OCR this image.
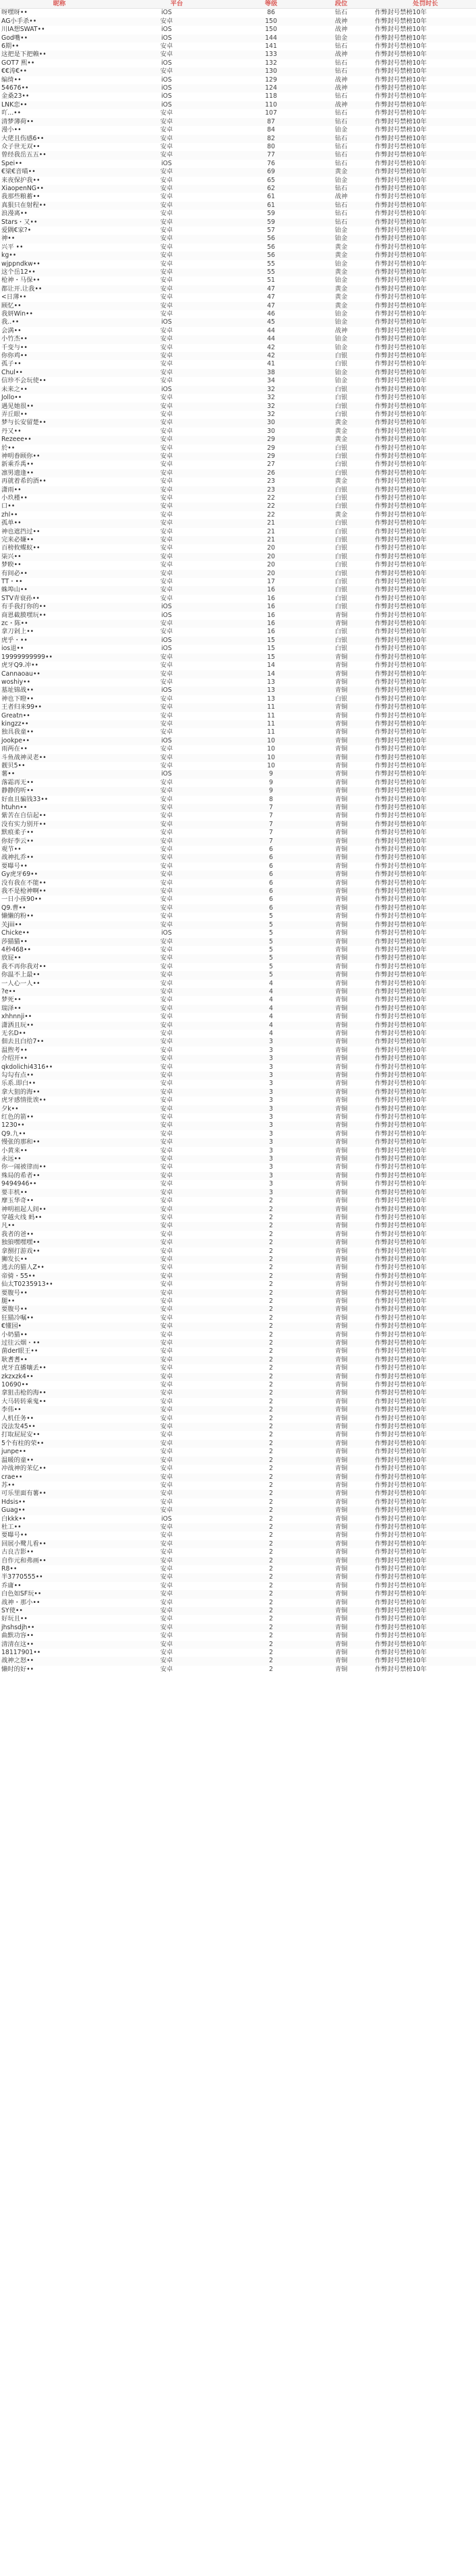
昵称	平台	等级	段位	处罚时长
呀嘿呀••	iOS	86	钻石	作弊封号禁榜10年
AG小手杀••	安卓	150	战神	作弊封号禁榜10年
川IA想SWAT••	iOS	150	战神	作弊封号禁榜10年
God嘴••	iOS	144	铂金	作弊封号禁榜10年
6期••	安卓	141	钻石	作弊封号禁榜10年
这把是下把赖••	安卓	133	战神	作弊封号禁榜10年
GOT7 熙••	iOS	132	钻石	作弊封号禁榜10年
€€涛€••	安卓	130	钻石	作弊封号禁榜10年
编绮••	iOS	129	战神	作弊封号禁榜10年
54676••	iOS	124	战神	作弊封号禁榜10年
金桑23••	iOS	118	钻石	作弊封号禁榜10年
LNK恋••	iOS	110	战神	作弊封号禁榜10年
吖...••	安卓	107	钻石	作弊封号禁榜10年
清梦薄荷••	安卓	87	钻石	作弊封号禁榜10年
漫小••	安卓	84	铂金	作弊封号禁榜10年
大佬且伤感6••	安卓	82	钻石	作弊封号禁榜10年
众子世无双••	安卓	80	钻石	作弊封号禁榜10年
曾经我岳五五••	安卓	77	钻石	作弊封号禁榜10年
Spei••	iOS	76	钻石	作弊封号禁榜10年
€梁€音喵••	安卓	69	黄金	作弊封号禁榜10年
来夜保护我••	安卓	65	铂金	作弊封号禁榜10年
XiaopenNG••	安卓	62	钻石	作弊封号禁榜10年
我那些粮蓄••	安卓	61	战神	作弊封号禁榜10年
真狠只在射程••	安卓	61	钻石	作弊封号禁榜10年
浪漫离••	安卓	59	钻石	作弊封号禁榜10年
Stars・又••	安卓	59	钻石	作弊封号禁榜10年
爱隅€家?•	安卓	57	铂金	作弊封号禁榜10年
神••	安卓	56	铂金	作弊封号禁榜10年
兴平 ••	安卓	56	黄金	作弊封号禁榜10年
kg••	安卓	56	黄金	作弊封号禁榜10年
wjppndkw••	安卓	55	铂金	作弊封号禁榜10年
这个岳12••	安卓	55	黄金	作弊封号禁榜10年
枪神・马保••	安卓	51	铂金	作弊封号禁榜10年
都让开.让我••	安卓	47	黄金	作弊封号禁榜10年
<日薄••	安卓	47	黄金	作弊封号禁榜10年
顾忆••	安卓	47	黄金	作弊封号禁榜10年
我妍Win••	安卓	46	铂金	作弊封号禁榜10年
我..••	iOS	45	铂金	作弊封号禁榜10年
会满••	安卓	44	战神	作弊封号禁榜10年
小竹杰••	安卓	44	铂金	作弊封号禁榜10年
千变与••	安卓	42	铂金	作弊封号禁榜10年
你你鸡••	安卓	42	白银	作弊封号禁榜10年
孤子••	安卓	41	白银	作弊封号禁榜10年
Chul••	安卓	38	铂金	作弊封号禁榜10年
信珍不会玩使••	安卓	34	铂金	作弊封号禁榜10年
未来之••	iOS	32	白银	作弊封号禁榜10年
Jollo••	安卓	32	白银	作弊封号禁榜10年
遇见她很••	安卓	32	白银	作弊封号禁榜10年
弄丘眼••	安卓	32	白银	作弊封号禁榜10年
梦与长安留楚••	安卓	30	黄金	作弊封号禁榜10年
丹又••	安卓	30	黄金	作弊封号禁榜10年
Rezeee••	安卓	29	黄金	作弊封号禁榜10年
於••	安卓	29	白银	作弊封号禁榜10年
神明眷顾你••	安卓	29	白银	作弊封号禁榜10年
新乘乔禹••	安卓	27	白银	作弊封号禁榜10年
凛男遗逢••	安卓	26	白银	作弊封号禁榜10年
再就着希的酒••	安卓	23	黄金	作弊封号禁榜10年
潇雨••	安卓	23	白银	作弊封号禁榜10年
小玖槿••	安卓	22	白银	作弊封号禁榜10年
口••	安卓	22	白银	作弊封号禁榜10年
zhl••	安卓	22	黄金	作弊封号禁榜10年
孤单••	安卓	21	白银	作弊封号禁榜10年
神也遮挡过••	安卓	21	白银	作弊封号禁榜10年
完来必嫌••	安卓	21	白银	作弊封号禁榜10年
百榜攸蝶蚁••	安卓	20	白银	作弊封号禁榜10年
柒兴••	安卓	20	白银	作弊封号禁榜10年
梦睽••	安卓	20	白银	作弊封号禁榜10年
有间必••	安卓	20	白银	作弊封号禁榜10年
TT・••	安卓	17	白银	作弊封号禁榜10年
蛛埠山••	安卓	16	白银	作弊封号禁榜10年
STV青衰孙••	安卓	16	白银	作弊封号禁榜10年
有手我打你的••	iOS	16	白银	作弊封号禁榜10年
商恩截膜嘿玩••	iOS	16	青铜	作弊封号禁榜10年
zc・陈••	安卓	16	青铜	作弊封号禁榜10年
拿刀剁上••	安卓	16	白银	作弊封号禁榜10年
虎乎・••	iOS	15	白银	作弊封号禁榜10年
ios退••	iOS	15	白银	作弊封号禁榜10年
19999999999••	安卓	15	青铜	作弊封号禁榜10年
虎牙Q9.冲••	安卓	14	青铜	作弊封号禁榜10年
Cannaoau••	安卓	14	青铜	作弊封号禁榜10年
woshiy••	安卓	13	青铜	作弊封号禁榜10年
墓址锦战••	iOS	13	青铜	作弊封号禁榜10年
神也下瞪••	安卓	13	白银	作弊封号禁榜10年
王者归来99••	安卓	11	青铜	作弊封号禁榜10年
Greatn••	安卓	11	青铜	作弊封号禁榜10年
kingzz••	安卓	11	青铜	作弊封号禁榜10年
独具我童••	安卓	11	青铜	作弊封号禁榜10年
jookpe••	iOS	10	青铜	作弊封号禁榜10年
雨两在••	安卓	10	青铜	作弊封号禁榜10年
斗鱼战神灵老••	安卓	10	青铜	作弊封号禁榜10年
靓贝5••	安卓	10	青铜	作弊封号禁榜10年
薯••	iOS	9	青铜	作弊封号禁榜10年
落霜再无••	安卓	9	青铜	作弊封号禁榜10年
静静的听••	安卓	9	青铜	作弊封号禁榜10年
好血且骗钱33••	安卓	8	青铜	作弊封号禁榜10年
htuhn••	安卓	7	青铜	作弊封号禁榜10年
紫苦在自信起••	安卓	7	青铜	作弊封号禁榜10年
没有实力别开••	安卓	7	青铜	作弊封号禁榜10年
默痕柔子••	安卓	7	青铜	作弊封号禁榜10年
你好李云••	安卓	7	青铜	作弊封号禁榜10年
观节••	安卓	6	青铜	作弊封号禁榜10年
战神扎乔••	安卓	6	青铜	作弊封号禁榜10年
要曝号••	安卓	6	青铜	作弊封号禁榜10年
Gy虎牙69••	安卓	6	青铜	作弊封号禁榜10年
没有我在不能••	安卓	6	青铜	作弊封号禁榜10年
我不是枪神啊••	安卓	6	青铜	作弊封号禁榜10年
一日小孩90••	安卓	6	青铜	作弊封号禁榜10年
Q9.曹••	安卓	6	青铜	作弊封号禁榜10年
懒懒的粉••	安卓	5	青铜	作弊封号禁榜10年
关jiii••	安卓	5	青铜	作弊封号禁榜10年
Chicke••	iOS	5	青铜	作弊封号禁榜10年
莎猫猫••	安卓	5	青铜	作弊封号禁榜10年
4秒468••	安卓	5	青铜	作弊封号禁榜10年
放屁••	安卓	5	青铜	作弊封号禁榜10年
我不再你我对••	安卓	5	青铜	作弊封号禁榜10年
你温不上最••	安卓	5	青铜	作弊封号禁榜10年
一人心一人••	安卓	4	青铜	作弊封号禁榜10年
?e••	安卓	4	青铜	作弊封号禁榜10年
梦死••	安卓	4	青铜	作弊封号禁榜10年
瑞泽••	安卓	4	青铜	作弊封号禁榜10年
xhhnnji••	安卓	4	青铜	作弊封号禁榜10年
潇洒且玩••	安卓	4	青铜	作弊封号禁榜10年
无名D••	安卓	4	青铜	作弊封号禁榜10年
佃去且白给7••	安卓	3	青铜	作弊封号禁榜10年
温煦考••	安卓	3	青铜	作弊封号禁榜10年
介绍开••	安卓	3	青铜	作弊封号禁榜10年
qkdolichi4316••	安卓	3	青铜	作弊封号禁榜10年
勾勾有点••	安卓	3	青铜	作弊封号禁榜10年
乐系.即白••	安卓	3	青铜	作弊封号禁榜10年
拿大狙的海••	安卓	3	青铜	作弊封号禁榜10年
虎牙感情批诶••	安卓	3	青铜	作弊封号禁榜10年
夕k••	安卓	3	青铜	作弊封号禁榜10年
红色的箭••	安卓	3	青铜	作弊封号禁榜10年
1230••	安卓	3	青铜	作弊封号禁榜10年
Q9.九••	安卓	3	青铜	作弊封号禁榜10年
慢张的那和••	安卓	3	青铜	作弊封号禁榜10年
小黄来••	安卓	3	青铜	作弊封号禁榜10年
永远••	安卓	3	青铜	作弊封号禁榜10年
你一闹被律而••	安卓	3	青铜	作弊封号禁榜10年
殊局的希者••	安卓	3	青铜	作弊封号禁榜10年
9494946••	安卓	3	青铜	作弊封号禁榜10年
要丰机••	安卓	3	青铜	作弊封号禁榜10年
摩玉华奇••	安卓	2	青铜	作弊封号禁榜10年
神明祖起人间••	安卓	2	青铜	作弊封号禁榜10年
穿越火线 蚂••	安卓	2	青铜	作弊封号禁榜10年
凡••	安卓	2	青铜	作弊封号禁榜10年
我者的爸••	安卓	2	青铜	作弊封号禁榜10年
独狼嘿嘿嘿••	安卓	2	青铜	作弊封号禁榜10年
拿捌打游戏••	安卓	2	青铜	作弊封号禁榜10年
狮发长••	安卓	2	青铜	作弊封号禁榜10年
逃去的猫人Z••	安卓	2	青铜	作弊封号禁榜10年
帝骑・55••	安卓	2	青铜	作弊封号禁榜10年
仙太T0235913••	安卓	2	青铜	作弊封号禁榜10年
要腹号••	安卓	2	青铜	作弊封号禁榜10年
腿••	安卓	2	青铜	作弊封号禁榜10年
要腹号••	安卓	2	青铜	作弊封号禁榜10年
狂猫冷嘱••	安卓	2	青铜	作弊封号禁榜10年
€懂园•	安卓	2	青铜	作弊封号禁榜10年
小奶猫••	安卓	2	青铜	作弊封号禁榜10年
过往云烟・••	安卓	2	青铜	作弊封号禁榜10年
菌der眼王••	安卓	2	青铜	作弊封号禁榜10年
耿耆耆••	安卓	2	青铜	作弊封号禁榜10年
虎牙直播嚷丢••	安卓	2	青铜	作弊封号禁榜10年
zkzxzk4••	安卓	2	青铜	作弊封号禁榜10年
10690••	安卓	2	青铜	作弊封号禁榜10年
拿狙击枪的海••	安卓	2	青铜	作弊封号禁榜10年
大马转转乘鬼••	安卓	2	青铜	作弊封号禁榜10年
李伟••	安卓	2	青铜	作弊封号禁榜10年
人机任务••	安卓	2	青铜	作弊封号禁榜10年
没法发45••	安卓	2	青铜	作弊封号禁榜10年
打取屁屁安••	安卓	2	青铜	作弊封号禁榜10年
5个有柱的荣••	安卓	2	青铜	作弊封号禁榜10年
junpe••	安卓	2	青铜	作弊封号禁榜10年
温暖的童••	安卓	2	青铜	作弊封号禁榜10年
冲战神的茉亿••	安卓	2	青铜	作弊封号禁榜10年
crae••	安卓	2	青铜	作弊封号禁榜10年
苏••	安卓	2	青铜	作弊封号禁榜10年
可乐里面有薯••	安卓	2	青铜	作弊封号禁榜10年
Hdsis••	安卓	2	青铜	作弊封号禁榜10年
Guag••	安卓	2	青铜	作弊封号禁榜10年
白kkk••	iOS	2	青铜	作弊封号禁榜10年
杜工••	安卓	2	青铜	作弊封号禁榜10年
要曝号••	安卓	2	青铜	作弊封号禁榜10年
回展小鹭儿看••	安卓	2	青铜	作弊封号禁榜10年
古良吉影••	安卓	2	青铜	作弊封号禁榜10年
自作元和弗画••	安卓	2	青铜	作弊封号禁榜10年
R8••	安卓	2	青铜	作弊封号禁榜10年
半3770555••	安卓	2	青铜	作弊封号禁榜10年
乔庸••	安卓	2	青铜	作弊封号禁榜10年
白色如SF玩••	安卓	2	青铜	作弊封号禁榜10年
战神・那小••	安卓	2	青铜	作弊封号禁榜10年
SY使••	安卓	2	青铜	作弊封号禁榜10年
好玩且••	安卓	2	青铜	作弊封号禁榜10年
jhshsdjh••	安卓	2	青铜	作弊封号禁榜10年
曲默功容••	安卓	2	青铜	作弊封号禁榜10年
清清在这••	安卓	2	青铜	作弊封号禁榜10年
18117901••	安卓	2	青铜	作弊封号禁榜10年
战神之怒••	安卓	2	青铜	作弊封号禁榜10年
懒时的好••	安卓	2	青铜	作弊封号禁榜10年
